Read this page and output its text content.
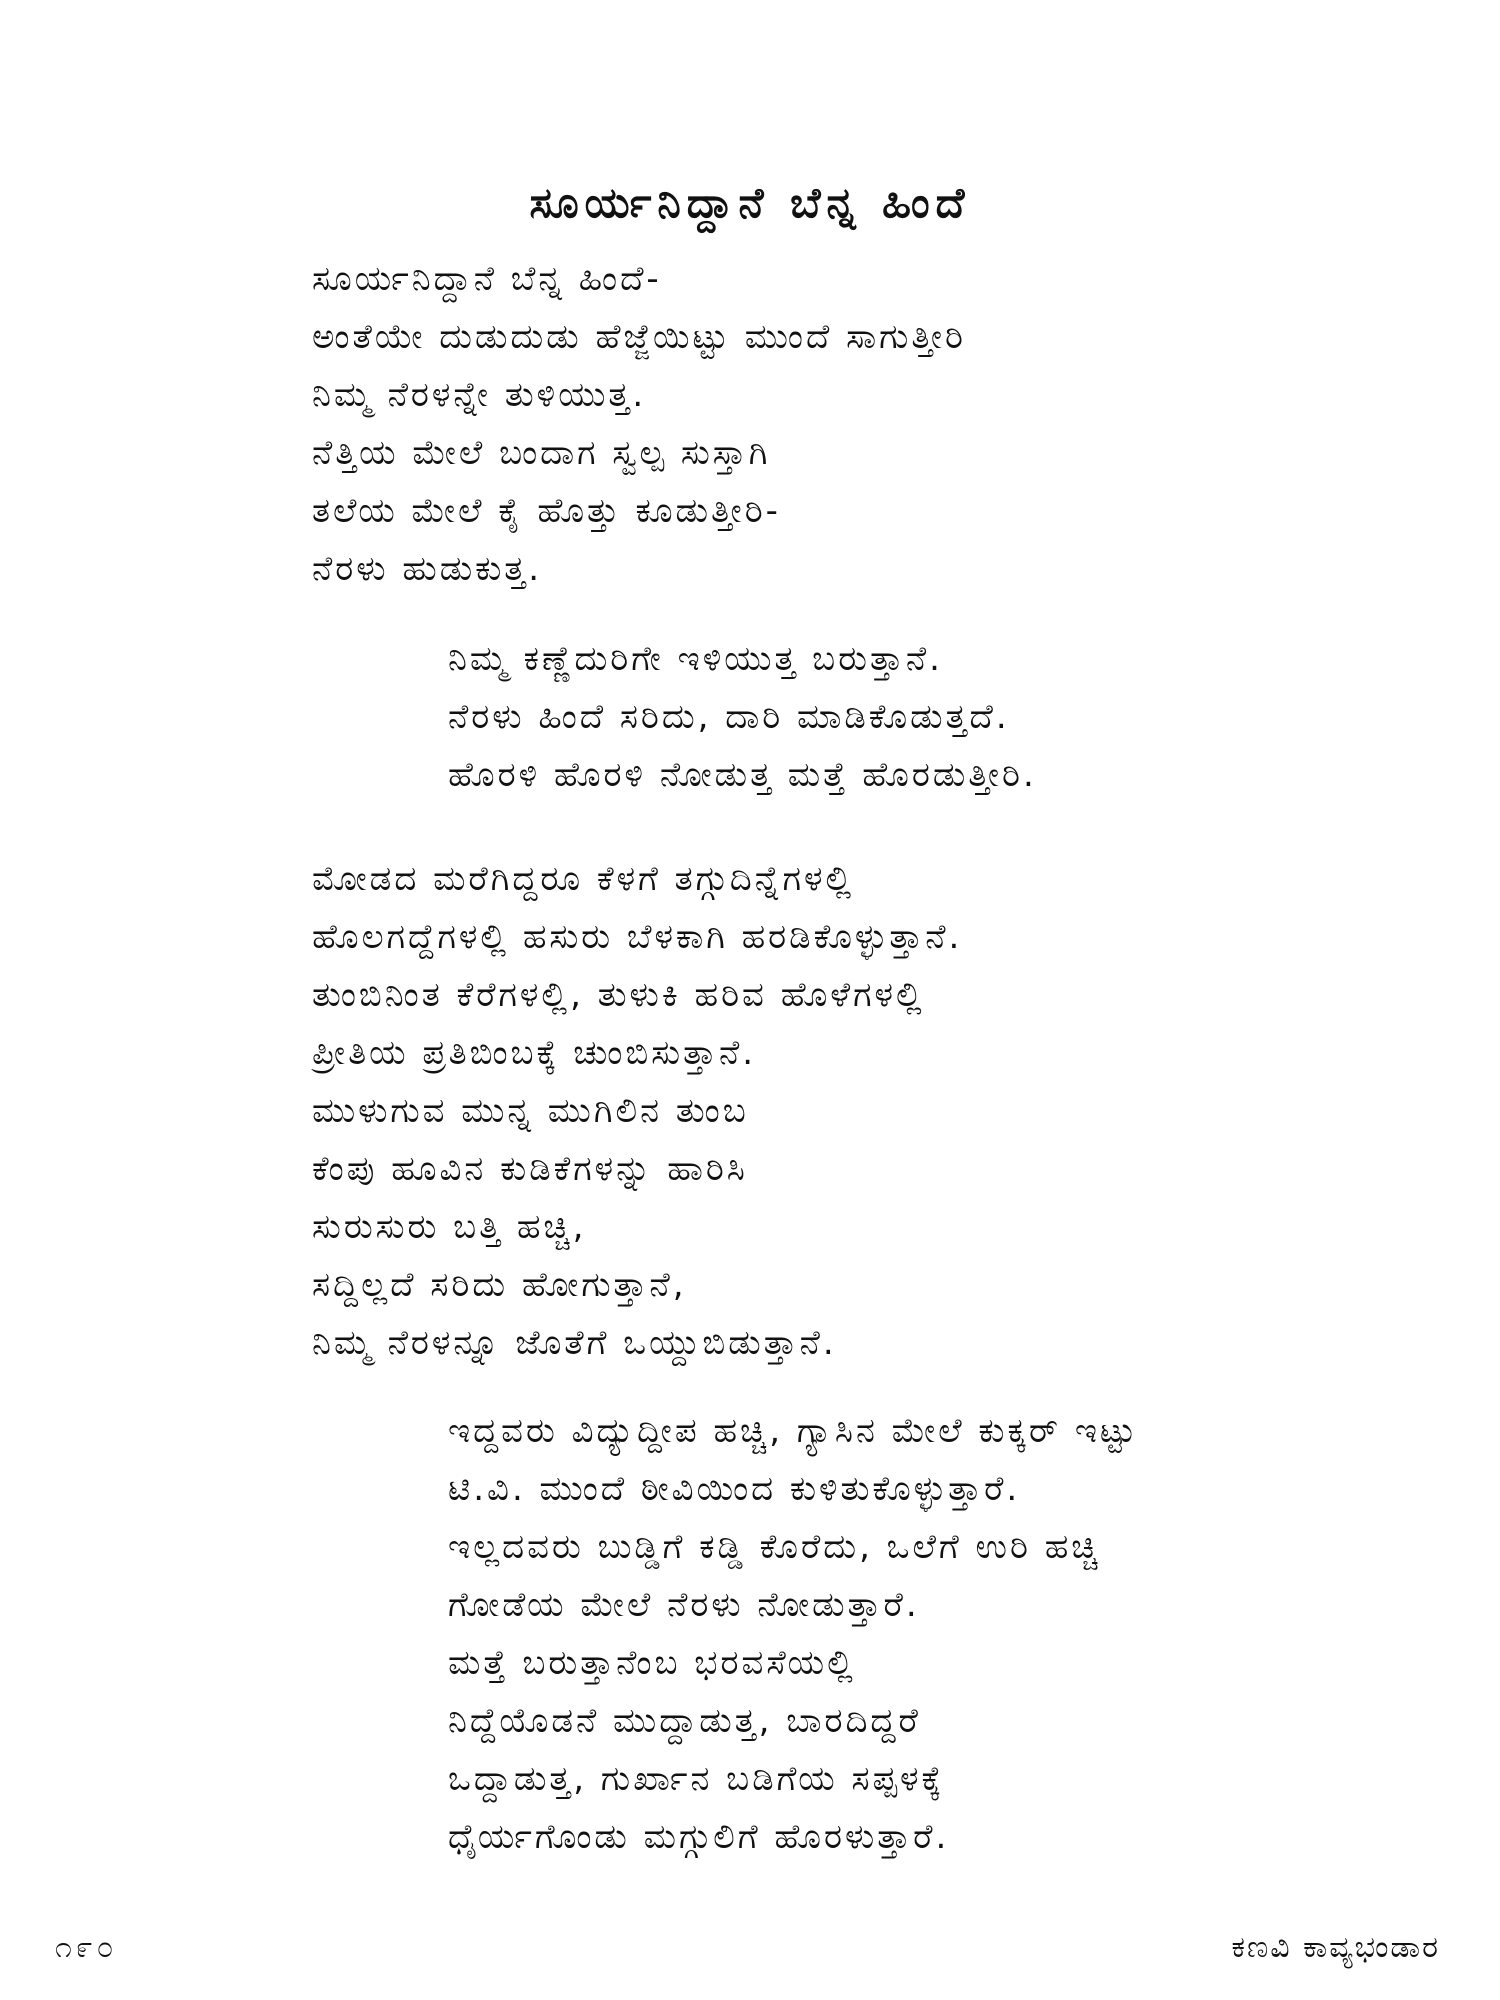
ಸೂರ್ಯನಿದ್ದಾನೆ ಬೆನ್ನ ಹಿಂದೆ
ಸೂರ್ಯನಿದ್ದಾನೆ ಬೆನ್ನ ಹಿಂದೆ-
ಅಂತೆಯೇ ದುಡುದುಡು ಹೆಜ್ಜೆಯಿಟ್ಟು ಮುಂದೆ ಸಾಗುತ್ತೀರಿ
ನಿಮ್ಮ ನೆರಳನ್ನೇ ತುಳಿಯುತ್ತ.
ನೆತ್ತಿಯ ಮೇಲೆ ಬಂದಾಗ ಸ್ವಲ್ಪ ಸುಸ್ತಾಗಿ
ತಲೆಯ ಮೇಲೆ ಕೈ ಹೊತ್ತು ಕೂಡುತ್ತೀರಿ-
ನೆರಳು ಹುಡುಕುತ್ತ.
ನಿಮ್ಮ ಕಣ್ಣೆದುರಿಗೇ ಇಳಿಯುತ್ತ ಬರುತ್ತಾನೆ.
ನೆರಳು ಹಿಂದೆ ಸರಿದು, ದಾರಿ ಮಾಡಿಕೊಡುತ್ತದೆ.
ಹೊರಳಿ ಹೊರಳಿ ನೋಡುತ್ತ ಮತ್ತೆ ಹೊರಡುತ್ತೀರಿ.
ಮೋಡದ ಮರೆಗಿದ್ದರೂ ಕೆಳಗೆ ತಗ್ಗುದಿನ್ನೆಗಳಲ್ಲಿ
ಹೊಲಗದ್ದೆಗಳಲ್ಲಿ ಹಸುರು ಬೆಳಕಾಗಿ ಹರಡಿಕೊಳ್ಳುತ್ತಾನೆ.
ತುಂಬಿನಿಂತ ಕೆರೆಗಳಲ್ಲಿ, ತುಳುಕಿ ಹರಿವ ಹೊಳೆಗಳಲ್ಲಿ
ಪ್ರೀತಿಯ ಪ್ರತಿಬಿಂಬಕ್ಕೆ ಚುಂಬಿಸುತ್ತಾನೆ.
ಮುಳುಗುವ ಮುನ್ನ ಮುಗಿಲಿನ ತುಂಬ
ಕೆಂಪು ಹೂವಿನ ಕುಡಿಕೆಗಳನ್ನು ಹಾರಿಸಿ
ಸುರುಸುರು ಬತ್ತಿ ಹಚ್ಚಿ,
ಸದ್ದಿಲ್ಲದೆ ಸರಿದು ಹೋಗುತ್ತಾನೆ,
ನಿಮ್ಮ ನೆರಳನ್ನೂ ಜೊತೆಗೆ ಒಯ್ದುಬಿಡುತ್ತಾನೆ.
ಇದ್ದವರು ವಿದ್ಯುದ್ದೀಪ ಹಚ್ಚಿ, ಗ್ಯಾಸಿನ ಮೇಲೆ ಕುಕ್ಕರ್ ಇಟ್ಟು
ಟಿ.ವಿ. ಮುಂದೆ ಠೀವಿಯಿಂದ ಕುಳಿತುಕೊಳ್ಳುತ್ತಾರೆ.
ಇಲ್ಲದವರು ಬುಡ್ಡಿಗೆ ಕಡ್ಡಿ ಕೊರೆದು, ಒಲೆಗೆ ಉರಿ ಹಚ್ಚಿ
ಗೋಡೆಯ ಮೇಲೆ ನೆರಳು ನೋಡುತ್ತಾರೆ.
ಮತ್ತೆ ಬರುತ್ತಾನೆಂಬ ಭರವಸೆಯಲ್ಲಿ
ನಿದ್ದೆಯೊಡನೆ ಮುದ್ದಾಡುತ್ತ, ಬಾರದಿದ್ದರೆ
ಒದ್ದಾಡುತ್ತ, ಗುರ್ಖಾನ ಬಡಿಗೆಯ ಸಪ್ಪಳಕ್ಕೆ
ಧೈರ್ಯಗೊಂಡು ಮಗ್ಗುಲಿಗೆ ಹೊರಳುತ್ತಾರೆ.
೧೯೦	ಕಣವಿ ಕಾವ್ಯಭಂಡಾರ
